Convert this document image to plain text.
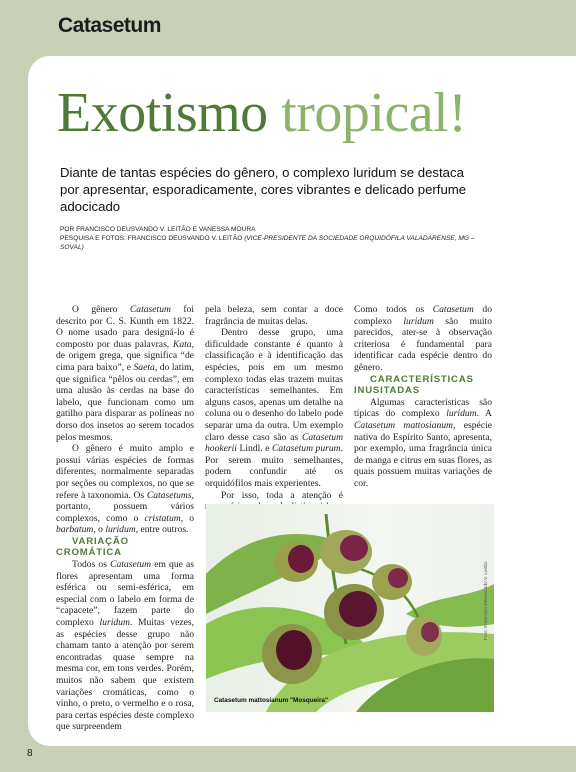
Catasetum
Exotismo tropical!
Diante de tantas espécies do gênero, o complexo luridum se destaca por apresentar, esporadicamente, cores vibrantes e delicado perfume adocicado
POR FRANCISCO DEUSVANDO V. LEITÃO E VANESSA MOURA
PESQUISA E FOTOS: FRANCISCO DEUSVANDO V. LEITÃO (VICE-PRESIDENTE DA SOCIEDADE ORQUIDÓFILA VALADARENSE, MG – SOVAL)

O gênero Catasetum foi descrito por C. S. Kunth em 1822. O nome usado para designá-lo é composto por duas palavras, Kata, de origem grega, que significa “de cima para baixo”, e Saeta, do latim, que significa “pêlos ou cerdas”, em uma alusão às cerdas na base do labelo, que funcionam como um gatilho para disparar as políneas no dorso dos insetos ao serem tocados pelos mesmos.

O gênero é muito amplo e possui várias espécies de formas diferentes, normalmente separadas por seções ou complexos, no que se refere à taxonomia. Os Catasetums, portanto, possuem vários complexos, como o cristatum, o barbatum, o luridum, entre outros.

VARIAÇÃO CROMÁTICA

Todos os Catasetum em que as flores apresentam uma forma esférica ou semi-esférica, em especial com o labelo em forma de “capacete”, fazem parte do complexo luridum. Muitas vezes, as espécies desse grupo não chamam tanto a atenção por serem encontradas quase sempre na mesma cor, em tons verdes. Porém, muitos não sabem que existem variações cromáticas, como o vinho, o preto, o vermelho e o rosa, para certas espécies deste complexo que surpreendem

pela beleza, sem contar a doce fragrância de muitas delas.

Dentro desse grupo, uma dificuldade constante é quanto à classificação e à identificação das espécies, pois em um mesmo complexo todas elas trazem muitas características semelhantes. Em alguns casos, apenas um detalhe na coluna ou o desenho do labelo pode separar uma da outra. Um exemplo claro desse caso são as Catasetum hookerii Lindl. e Catasetum purum. Por serem muito semelhantes, podem confundir até os orquidófilos mais experientes.

Por isso, toda a atenção é

Como todos os Catasetum do complexo luridum são muito parecidos, ater-se à observação criteriosa é fundamental para identificar cada espécie dentro do gênero.

CARACTERÍSTICAS INUSITADAS

Algumas características são típicas do complexo luridum. A Catasetum mattosianum, espécie nativa do Espírito Santo, apresenta, por exemplo, uma fragrância única de manga e citrus em suas flores, as quais possuem muitas variações de cor.

Catasetum mattosianum "Mosqueira"
Foto: Francisco Deusvando V. Leitão
8
